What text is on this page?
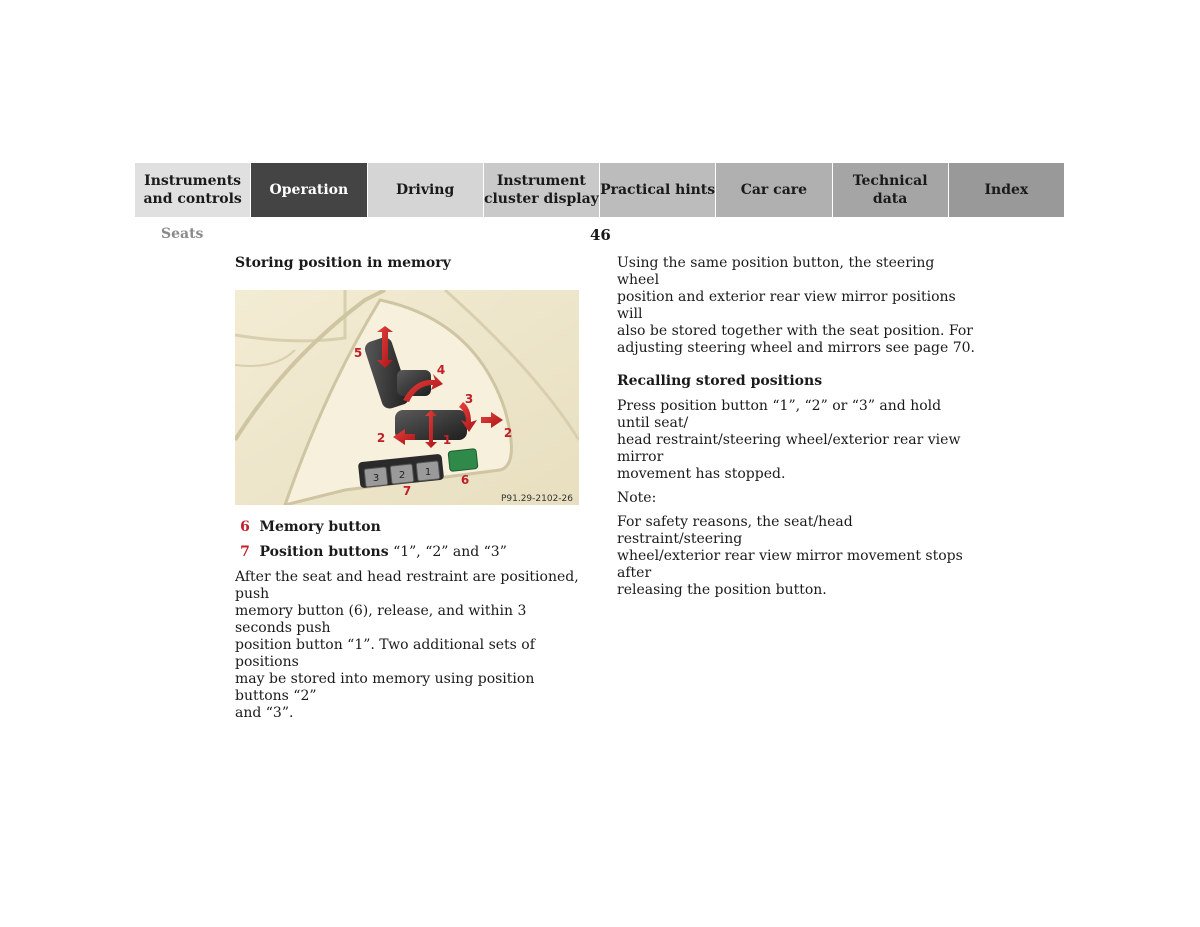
Instruments
and controls
Operation	Driving
Instrument
cluster display
Practical hints Car care
Technical
data
Index
Seats	46
Storing position in memory
3 2 1
5
4
3
2	1	2
6
7
P91.29-2102-26
6 Memory button
7 Position buttons “1”, “2” and “3”

After the seat and head restraint are positioned, push

memory button (6), release, and within 3 seconds push

position button “1”. Two additional sets of positions

may be stored into memory using position buttons “2”

and “3”.

Using the same position button, the steering wheel

position and exterior rear view mirror positions will

also be stored together with the seat position. For

adjusting steering wheel and mirrors see page 70.

Recalling stored positions

Press position button “1”, “2” or “3” and hold until seat/

head restraint/steering wheel/exterior rear view mirror

movement has stopped.

Note:

For safety reasons, the seat/head restraint/steering

wheel/exterior rear view mirror movement stops after

releasing the position button.
